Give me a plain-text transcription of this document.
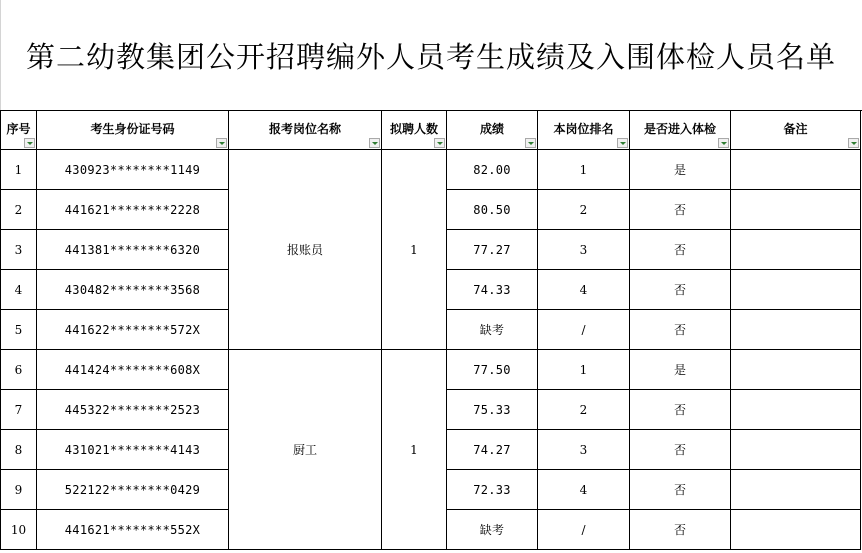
第二幼教集团公开招聘编外人员考生成绩及入围体检人员名单
序号	考生身份证号码	报考岗位名称	拟聘人数	成绩	本岗位排名	是否进入体检	备注

1	430923********1149	报账员	1	82.00	1	是	
2	441621********2228			80.50	2	否	
3	441381********6320			77.27	3	否	
4	430482********3568			74.33	4	否	
5	441622********572X			缺考	/	否	
6	441424********608X	厨工	1	77.50	1	是	
7	445322********2523			75.33	2	否	
8	431021********4143			74.27	3	否	
9	522122********0429			72.33	4	否	
10	441621********552X			缺考	/	否	
